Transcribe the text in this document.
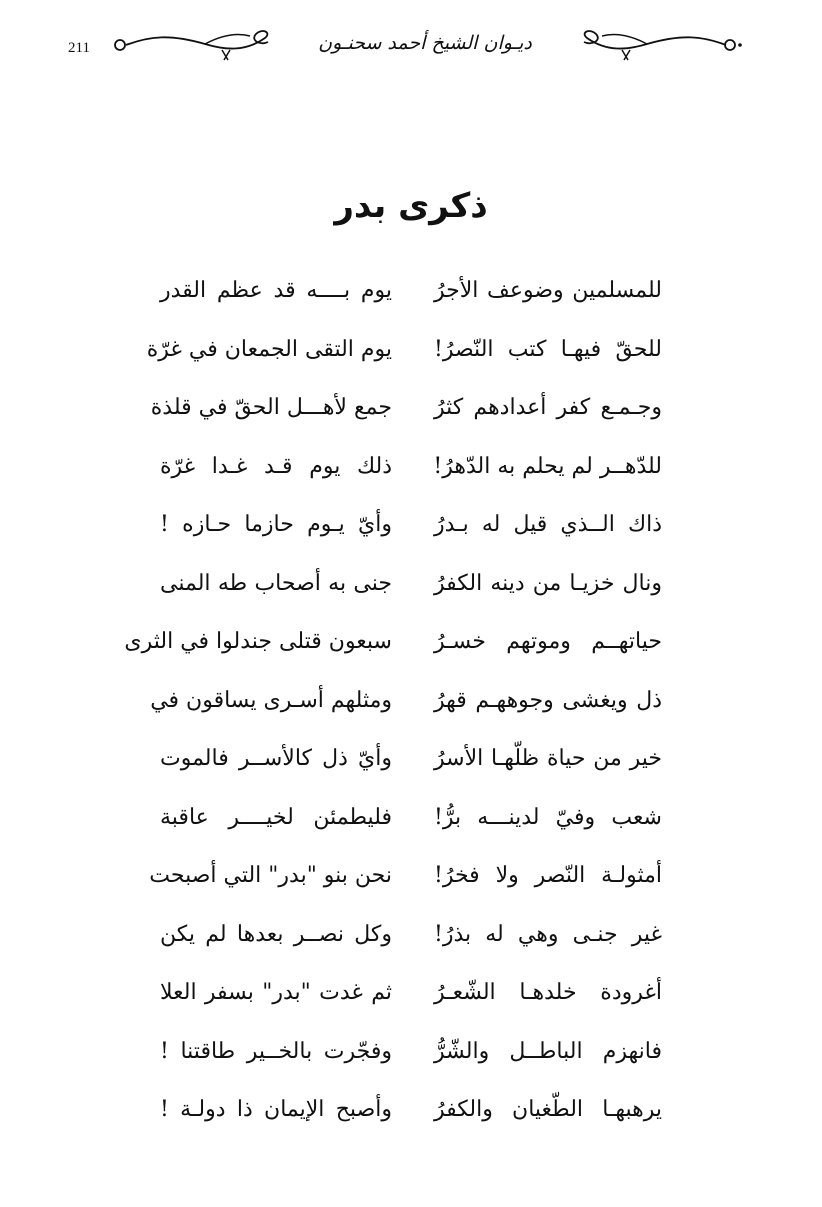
211	ديـوان الشيخ أحمد سحنـون
ذكرى بدر
يوم بــــه قد عظم القدر للمسلمين وضوعف الأجرُ
يوم التقى الجمعان في غرّة للحقّ فيهـا كتب النّصرُ!
جمع لأهـــل الحقّ في قلذة وجـمـع كفر أعدادهم كثرُ
ذلك يوم قـد غـدا غرّة للدّهــر لم يحلم به الدّهرُ!
وأيّ يـوم حازما حـازه ! ذاك الــذي قيل له بـدرُ
جنى به أصحاب طه المنى ونال خزيـا من دينه الكفرُ
سبعون قتلى جندلوا في الثرى حياتهــم وموتهم خسـرُ
ومثلهم أسـرى يساقون في ذل ويغشى وجوههـم قهرُ
وأيّ ذل كالأســر فالموت خير من حياة ظلّهـا الأسرُ
فليطمئن لخيــــر عاقبة شعب وفيّ لدينـــه برُّ!
نحن بنو "بدر" التي أصبحت أمثولـة النّصر ولا فخرُ!
وكل نصــر بعدها لم يكن غير جنـى وهي له بذرُ!
ثم غدت "بدر" بسفر العلا أغرودة خلدهـا الشّعـرُ
وفجّرت بالخــير طاقتنا ! فانهزم الباطــل والشّرُّ
وأصبح الإيمان ذا دولـة ! يرهبهـا الطّغيان والكفرُ
